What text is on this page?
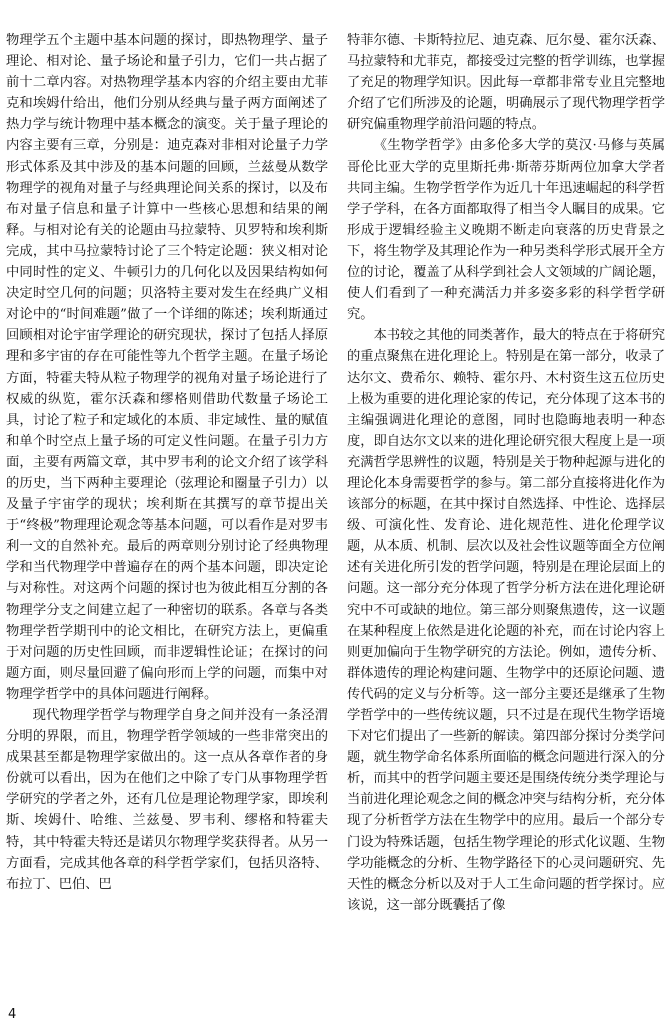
物理学五个主题中基本问题的探讨，即热物理学、量子理论、相对论、量子场论和量子引力，它们一共占据了前十二章内容。对热物理学基本内容的介绍主要由尤菲克和埃姆什给出，他们分别从经典与量子两方面阐述了热力学与统计物理中基本概念的演变。关于量子理论的内容主要有三章，分别是：迪克森对非相对论量子力学形式体系及其中涉及的基本问题的回顾，兰兹曼从数学物理学的视角对量子与经典理论间关系的探讨，以及布布对量子信息和量子计算中一些核心思想和结果的阐释。与相对论有关的论题由马拉蒙特、贝罗特和埃利斯完成，其中马拉蒙特讨论了三个特定论题：狭义相对论中同时性的定义、牛顿引力的几何化以及因果结构如何决定时空几何的问题；贝洛特主要对发生在经典广义相对论中的“时间难题”做了一个详细的陈述；埃利斯通过回顾相对论宇宙学理论的研究现状，探讨了包括人择原理和多宇宙的存在可能性等九个哲学主题。在量子场论方面，特霍夫特从粒子物理学的视角对量子场论进行了权威的纵览，霍尔沃森和缪格则借助代数量子场论工具，讨论了粒子和定域化的本质、非定域性、量的赋值和单个时空点上量子场的可定义性问题。在量子引力方面，主要有两篇文章，其中罗韦利的论文介绍了该学科的历史，当下两种主要理论（弦理论和圈量子引力）以及量子宇宙学的现状；埃利斯在其撰写的章节提出关于“终极”物理理论观念等基本问题，可以看作是对罗韦利一文的自然补充。最后的两章则分别讨论了经典物理学和当代物理学中普遍存在的两个基本问题，即决定论与对称性。对这两个问题的探讨也为彼此相互分割的各物理学分支之间建立起了一种密切的联系。各章与各类物理学哲学期刊中的论文相比，在研究方法上，更偏重于对问题的历史性回顾，而非逻辑性论证；在探讨的问题方面，则尽量回避了偏向形而上学的问题，而集中对物理学哲学中的具体问题进行阐释。

现代物理学哲学与物理学自身之间并没有一条泾渭分明的界限，而且，物理学哲学领域的一些非常突出的成果甚至都是物理学家做出的。这一点从各章作者的身份就可以看出，因为在他们之中除了专门从事物理学哲学研究的学者之外，还有几位是理论物理学家，即埃利斯、埃姆什、哈维、兰兹曼、罗韦利、缪格和特霍夫特，其中特霍夫特还是诺贝尔物理学奖获得者。从另一方面看，完成其他各章的科学哲学家们，包括贝洛特、布拉丁、巴伯、巴

特菲尔德、卡斯特拉尼、迪克森、厄尔曼、霍尔沃森、马拉蒙特和尤菲克，都接受过完整的哲学训练，也掌握了充足的物理学知识。因此每一章都非常专业且完整地介绍了它们所涉及的论题，明确展示了现代物理学哲学研究偏重物理学前沿问题的特点。

《生物学哲学》由多伦多大学的莫汉·马修与英属哥伦比亚大学的克里斯托弗·斯蒂芬斯两位加拿大学者共同主编。生物学哲学作为近几十年迅速崛起的科学哲学子学科，在各方面都取得了相当令人瞩目的成果。它形成于逻辑经验主义晚期不断走向衰落的历史背景之下，将生物学及其理论作为一种另类科学形式展开全方位的讨论，覆盖了从科学到社会人文领域的广阔论题，使人们看到了一种充满活力并多姿多彩的科学哲学研究。

本书较之其他的同类著作，最大的特点在于将研究的重点聚焦在进化理论上。特别是在第一部分，收录了达尔文、费希尔、赖特、霍尔丹、木村资生这五位历史上极为重要的进化理论家的传记，充分体现了这本书的主编强调进化理论的意图，同时也隐晦地表明一种态度，即自达尔文以来的进化理论研究很大程度上是一项充满哲学思辨性的议题，特别是关于物种起源与进化的理论化本身需要哲学的参与。第二部分直接将进化作为该部分的标题，在其中探讨自然选择、中性论、选择层级、可演化性、发育论、进化规范性、进化伦理学议题，从本质、机制、层次以及社会性议题等面全方位阐述有关进化所引发的哲学问题，特别是在理论层面上的问题。这一部分充分体现了哲学分析方法在进化理论研究中不可或缺的地位。第三部分则聚焦遗传，这一议题在某种程度上依然是进化论题的补充，而在讨论内容上则更加偏向于生物学研究的方法论。例如，遗传分析、群体遗传的理论构建问题、生物学中的还原论问题、遗传代码的定义与分析等。这一部分主要还是继承了生物学哲学中的一些传统议题，只不过是在现代生物学语境下对它们提出了一些新的解读。第四部分探讨分类学问题，就生物学命名体系所面临的概念问题进行深入的分析，而其中的哲学问题主要还是围绕传统分类学理论与当前进化理论观念之间的概念冲突与结构分析，充分体现了分析哲学方法在生物学中的应用。最后一个部分专门设为特殊话题，包括生物学理论的形式化议题、生物学功能概念的分析、生物学路径下的心灵问题研究、先天性的概念分析以及对于人工生命问题的哲学探讨。应该说，这一部分既囊括了像

4
